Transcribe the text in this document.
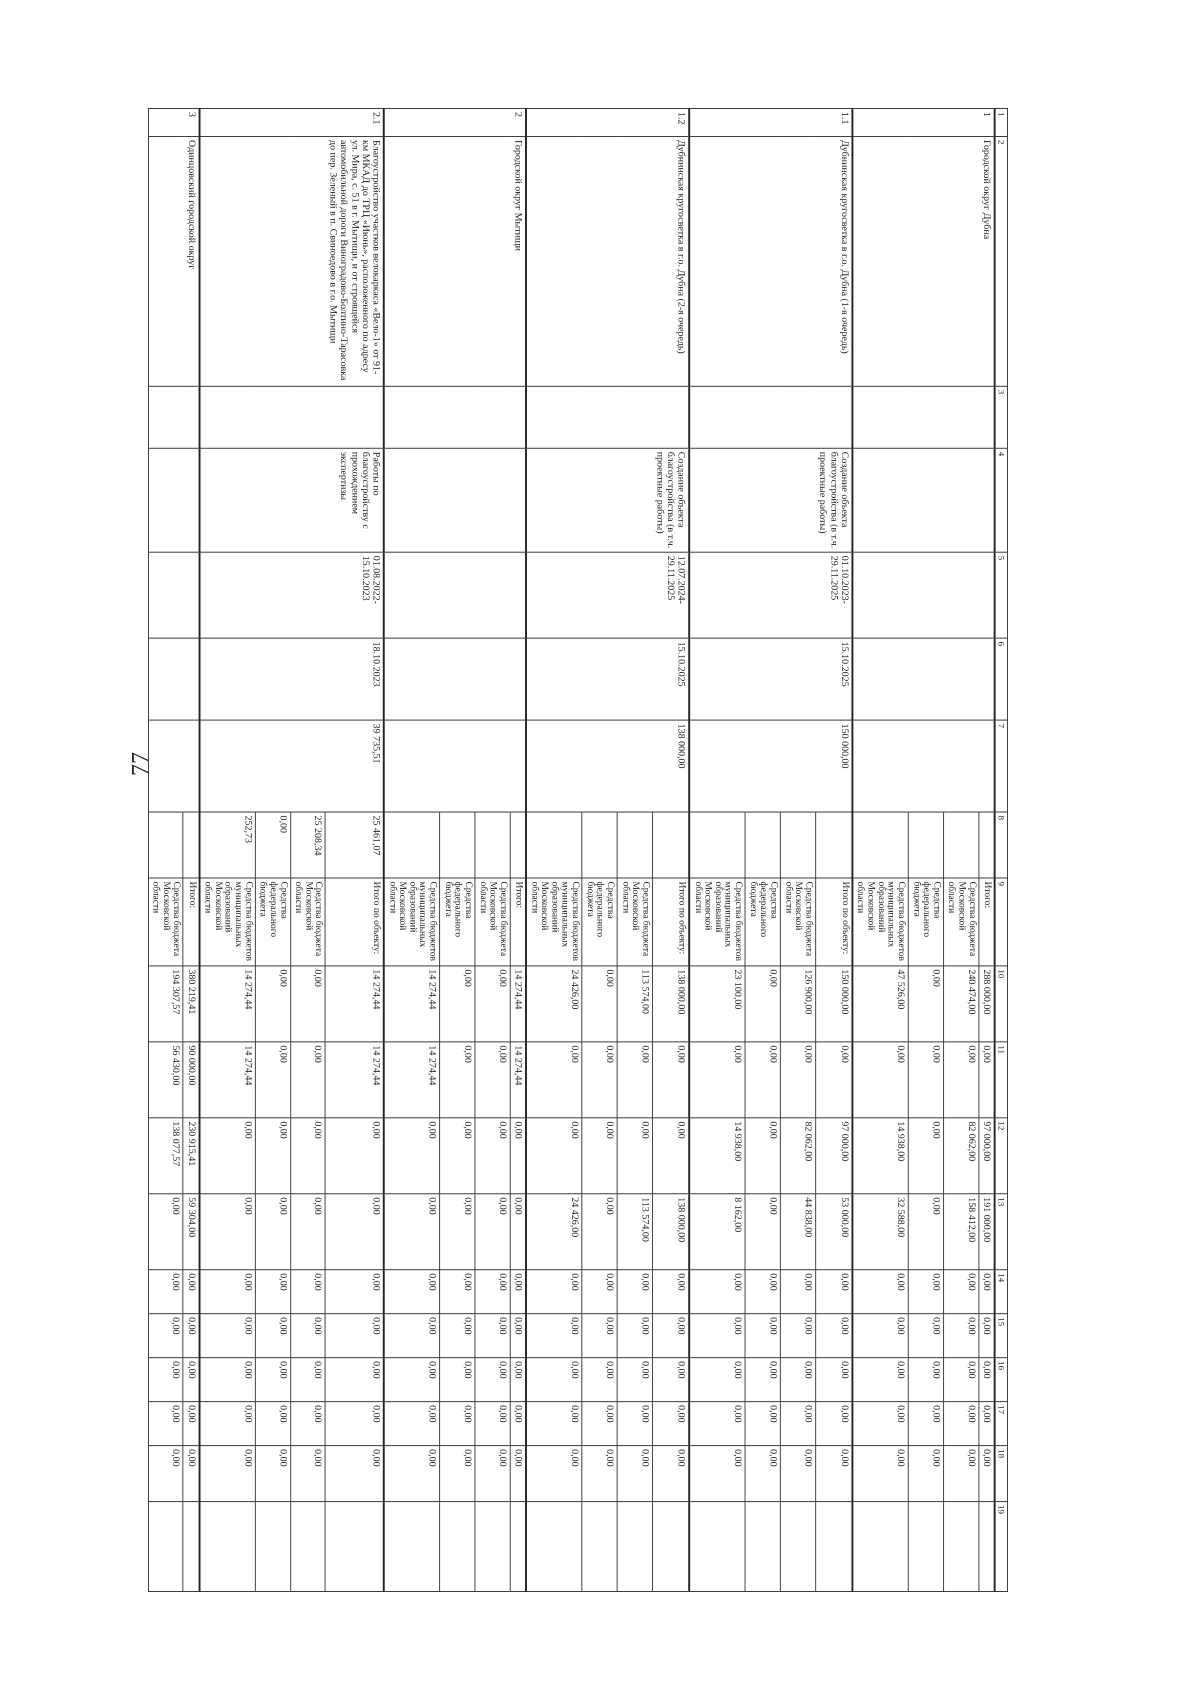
77
1	2	3	4	5	6	7	8	9	10	11	12	13	14	15	16	17	18	19
1	Городской округ Дубна							Итого:	288 000,00	0,00	97 000,00	191 000,00	0,00	0,00	0,00	0,00	0,00	
								Средства бюджета Московской области	240 474,00	0,00	82 062,00	158 412,00	0,00	0,00	0,00	0,00	0,00	
								Средства федерального бюджета	0,00	0,00	0,00	0,00	0,00	0,00	0,00	0,00	0,00	
								Средства бюджетов муниципальных образований Московской области	47 526,00	0,00	14 938,00	32 588,00	0,00	0,00	0,00	0,00	0,00	
1.1	Дубнинская кругосветка в г.о. Дубна (1-я очередь)		Создание объекта благоустройства (в т.ч. проектные работы)	01.10.2023-29.11.2025	15.10.2025	150 000,00		Итого по объекту:	150 000,00	0,00	97 000,00	53 000,00	0,00	0,00	0,00	0,00	0,00	
								Средства бюджета Московской области	126 900,00	0,00	82 062,00	44 838,00	0,00	0,00	0,00	0,00	0,00	
								Средства федерального бюджета	0,00	0,00	0,00	0,00	0,00	0,00	0,00	0,00	0,00	
								Средства бюджетов муниципальных образований Московской области	23 100,00	0,00	14 938,00	8 162,00	0,00	0,00	0,00	0,00	0,00	
1.2	Дубнинская кругосветка в г.о. Дубна (2-я очередь)		Создание объекта благоустройства (в т.ч. проектные работы)	12.07.2024-29.11.2025	15.10.2025	138 000,00		Итого по объекту:	138 000,00	0,00	0,00	138 000,00	0,00	0,00	0,00	0,00	0,00	
								Средства бюджета Московской области	113 574,00	0,00	0,00	113 574,00	0,00	0,00	0,00	0,00	0,00	
								Средства федерального бюджета	0,00	0,00	0,00	0,00	0,00	0,00	0,00	0,00	0,00	
								Средства бюджетов муниципальных образований Московской области	24 426,00	0,00	0,00	24 426,00	0,00	0,00	0,00	0,00	0,00	
2	Городской округ Мытищи							Итого:	14 274,44	14 274,44	0,00	0,00	0,00	0,00	0,00	0,00	0,00	
								Средства бюджета Московской области	0,00	0,00	0,00	0,00	0,00	0,00	0,00	0,00	0,00	
								Средства федерального бюджета	0,00	0,00	0,00	0,00	0,00	0,00	0,00	0,00	0,00	
								Средства бюджетов муниципальных образований Московской области	14 274,44	14 274,44	0,00	0,00	0,00	0,00	0,00	0,00	0,00	
2.1	Благоустройство участков велокаркаса «Вело-1» от 91-км МКАД до ТРЦ «Июнь», расположенного по адресу ул. Мира, с. 51 в г. Мытищи, и от строящейся автомобильной дороги Виноградово-Болтино-Тарасовка до пер. Зеленый в п. Свиноедово в г.о. Мытищи		Работы по благоустройству с прохождением экспертизы	01.08.2022-15.10.2023	18.10.2023	39 735,51	25 461,07	Итого по объекту:	14 274,44	14 274,44	0,00	0,00	0,00	0,00	0,00	0,00	0,00	
							25 208,34	Средства бюджета Московской области	0,00	0,00	0,00	0,00	0,00	0,00	0,00	0,00	0,00	
							0,00	Средства федерального бюджета	0,00	0,00	0,00	0,00	0,00	0,00	0,00	0,00	0,00	
							252,73	Средства бюджетов муниципальных образований Московской области	14 274,44	14 274,44	0,00	0,00	0,00	0,00	0,00	0,00	0,00	
3	Одинцовский городской округ							Итого:	380 219,41	90 000,00	230 915,41	59 304,00	0,00	0,00	0,00	0,00	0,00	
								Средства бюджета Московской области	194 307,57	56 430,00	138 077,57	0,00	0,00	0,00	0,00	0,00	0,00	
